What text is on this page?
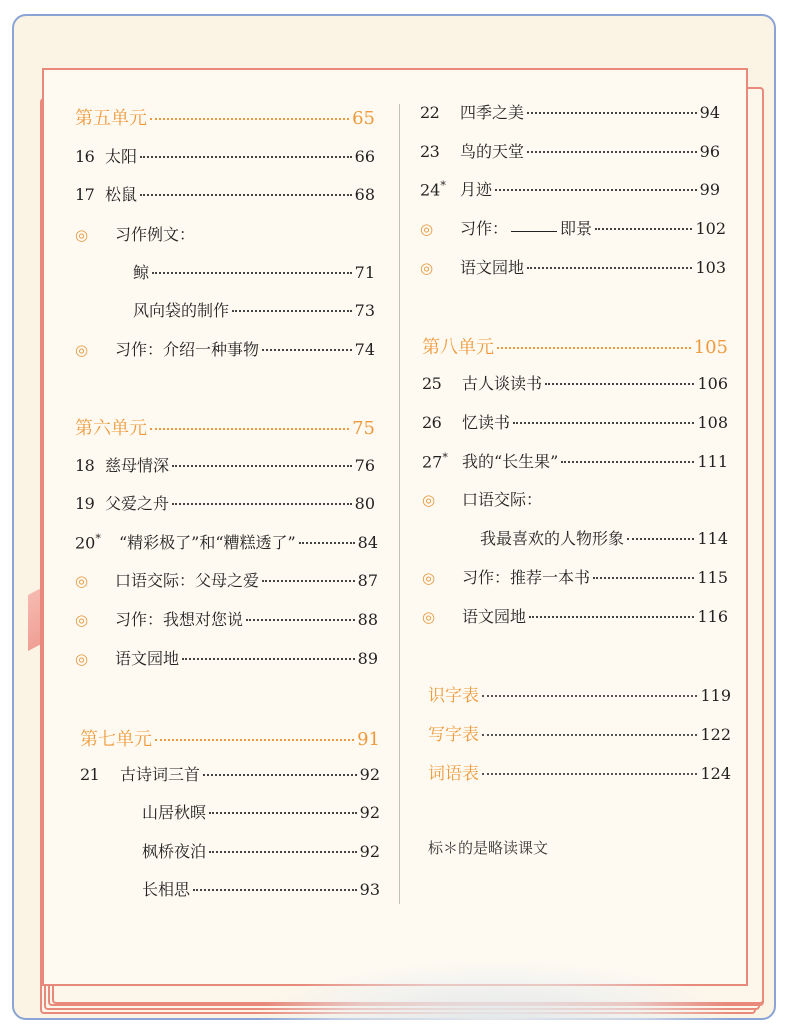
第五单元	65
16 太阳	66
17 松鼠	68
◎	习作例文：
鲸	71
风向袋的制作	73
◎	习作：介绍一种事物	74
第六单元	75
18 慈母情深	76
19 父爱之舟	80
20*	“精彩极了”和“糟糕透了”	84
◎	口语交际：父母之爱	87
◎	习作：我想对您说	88
◎	语文园地	89
第七单元	91
21	古诗词三首	92
山居秋暝	92
枫桥夜泊	92
长相思	93
22	四季之美	94
23	鸟的天堂	96
24* 月迹	99
◎	习作：	即景	102
◎	语文园地	103
第八单元	105
25	古人谈读书	106
26	忆读书	108
27* 我的“长生果”	111
◎	口语交际：
我最喜欢的人物形象	114
◎	习作：推荐一本书	115
◎	语文园地	116
识字表	119
写字表	122
词语表	124
标＊的是略读课文
